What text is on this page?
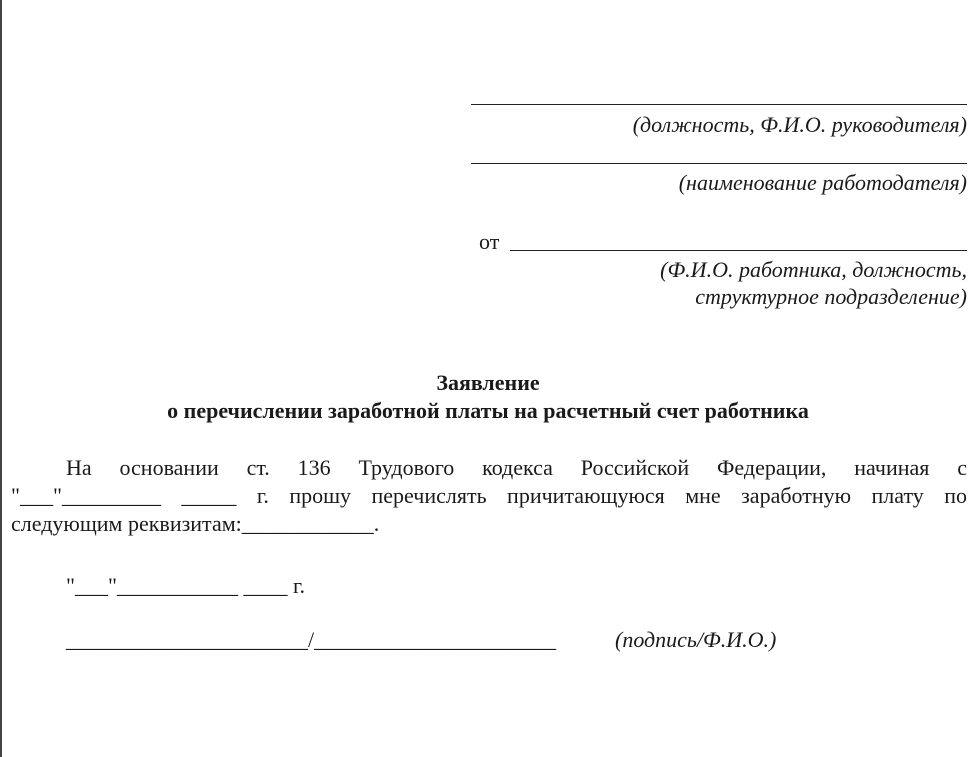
(должность, Ф.И.О. руководителя)
(наименование работодателя)
от
(Ф.И.О. работника, должность,
структурное подразделение)
Заявление
о перечислении заработной платы на расчетный счет работника
На основании ст. 136 Трудового кодекса Российской Федерации, начиная с
"___"_________ _____ г. прошу перечислять причитающуюся мне заработную плату по
следующим реквизитам:____________.
"___"___________ ____ г.
______________________/______________________	(подпись/Ф.И.О.)
